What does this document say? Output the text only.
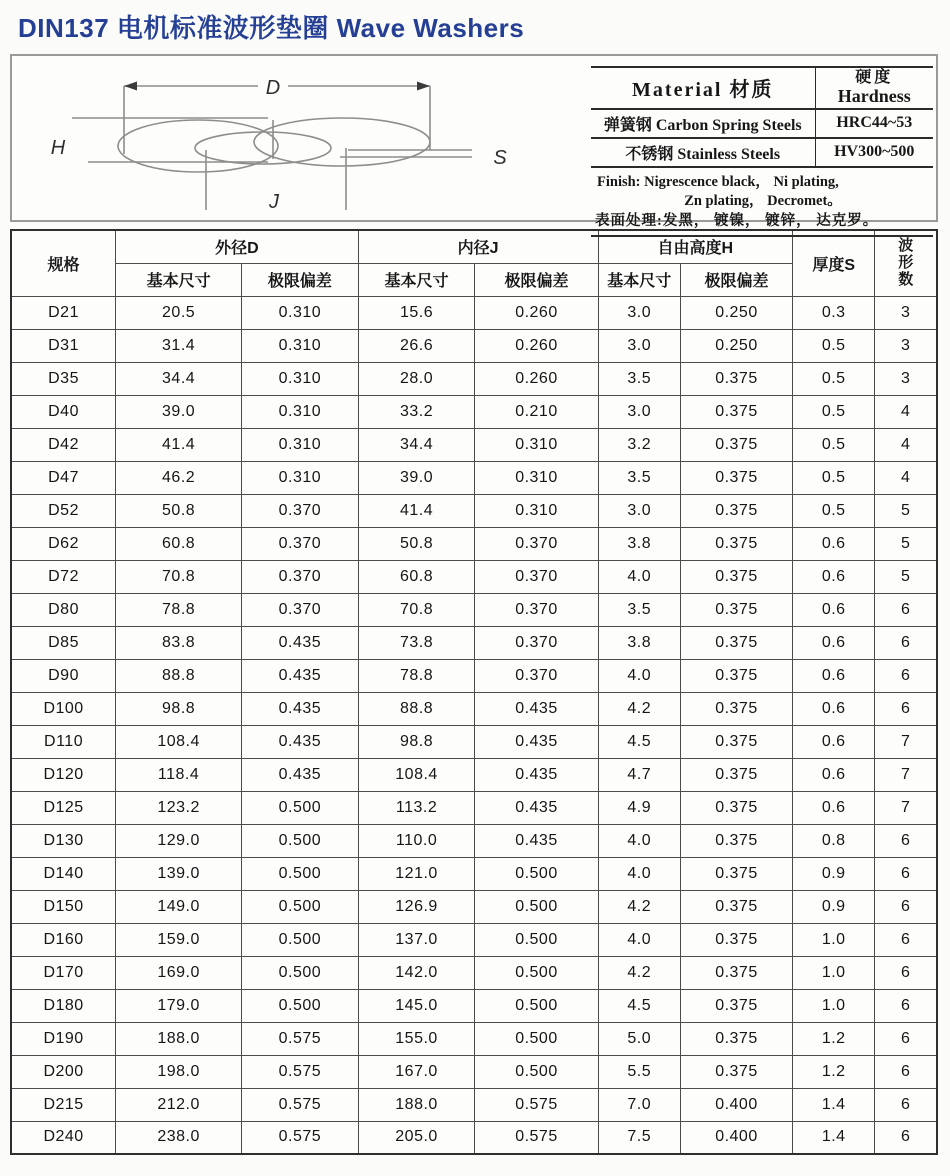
DIN137 电机标准波形垫圈 Wave Washers
D
H
J
S
Material 材质	硬度
Hardness

弹簧钢 Carbon Spring Steels	HRC44~53
不锈钢 Stainless Steels	HV300~500
Finish: Nigrescence black， Ni plating,
Zn plating， Decromet。
表面处理:发黑， 镀镍， 镀锌， 达克罗。
规格	外径D		内径J		自由高度H		厚度S	波
形
数

	基本尺寸	极限偏差	基本尺寸	极限偏差	基本尺寸	极限偏差		
D21	20.5	0.310	15.6	0.260	3.0	0.250	0.3	3
D31	31.4	0.310	26.6	0.260	3.0	0.250	0.5	3
D35	34.4	0.310	28.0	0.260	3.5	0.375	0.5	3
D40	39.0	0.310	33.2	0.210	3.0	0.375	0.5	4
D42	41.4	0.310	34.4	0.310	3.2	0.375	0.5	4
D47	46.2	0.310	39.0	0.310	3.5	0.375	0.5	4
D52	50.8	0.370	41.4	0.310	3.0	0.375	0.5	5
D62	60.8	0.370	50.8	0.370	3.8	0.375	0.6	5
D72	70.8	0.370	60.8	0.370	4.0	0.375	0.6	5
D80	78.8	0.370	70.8	0.370	3.5	0.375	0.6	6
D85	83.8	0.435	73.8	0.370	3.8	0.375	0.6	6
D90	88.8	0.435	78.8	0.370	4.0	0.375	0.6	6
D100	98.8	0.435	88.8	0.435	4.2	0.375	0.6	6
D110	108.4	0.435	98.8	0.435	4.5	0.375	0.6	7
D120	118.4	0.435	108.4	0.435	4.7	0.375	0.6	7
D125	123.2	0.500	113.2	0.435	4.9	0.375	0.6	7
D130	129.0	0.500	110.0	0.435	4.0	0.375	0.8	6
D140	139.0	0.500	121.0	0.500	4.0	0.375	0.9	6
D150	149.0	0.500	126.9	0.500	4.2	0.375	0.9	6
D160	159.0	0.500	137.0	0.500	4.0	0.375	1.0	6
D170	169.0	0.500	142.0	0.500	4.2	0.375	1.0	6
D180	179.0	0.500	145.0	0.500	4.5	0.375	1.0	6
D190	188.0	0.575	155.0	0.500	5.0	0.375	1.2	6
D200	198.0	0.575	167.0	0.500	5.5	0.375	1.2	6
D215	212.0	0.575	188.0	0.575	7.0	0.400	1.4	6
D240	238.0	0.575	205.0	0.575	7.5	0.400	1.4	6
